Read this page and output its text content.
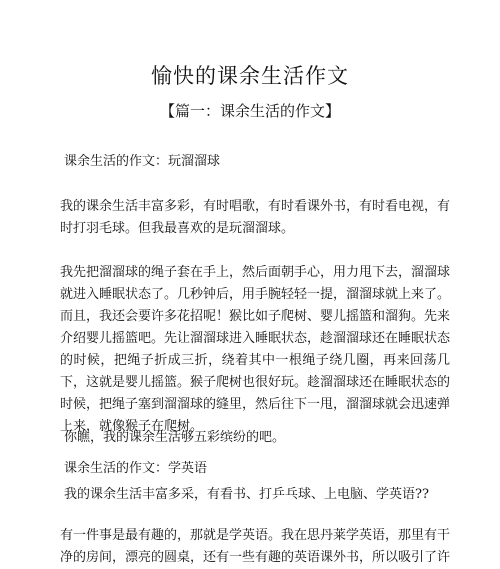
愉快的课余生活作文
【篇一：课余生活的作文】
课余生活的作文：玩溜溜球
我的课余生活丰富多彩，有时唱歌，有时看课外书，有时看电视，有时打羽毛球。但我最喜欢的是玩溜溜球。
我先把溜溜球的绳子套在手上，然后面朝手心，用力甩下去，溜溜球就进入睡眠状态了。几秒钟后，用手腕轻轻一提，溜溜球就上来了。而且，我还会要许多花招呢！猴比如子爬树、婴儿摇篮和溜狗。先来介绍婴儿摇篮吧。先让溜溜球进入睡眠状态，趁溜溜球还在睡眠状态的时候，把绳子折成三折，绕着其中一根绳子绕几圈，再来回荡几下，这就是婴儿摇篮。猴子爬树也很好玩。趁溜溜球还在睡眠状态的时候，把绳子塞到溜溜球的缝里，然后往下一甩，溜溜球就会迅速弹上来，就像猴子在爬树。
你瞧，我的课余生活够五彩缤纷的吧。
课余生活的作文：学英语
我的课余生活丰富多采，有看书、打乒乓球、上电脑、学英语??
有一件事是最有趣的，那就是学英语。我在思丹莱学英语，那里有干净的房间，漂亮的圆桌，还有一些有趣的英语课外书，所以吸引了许
